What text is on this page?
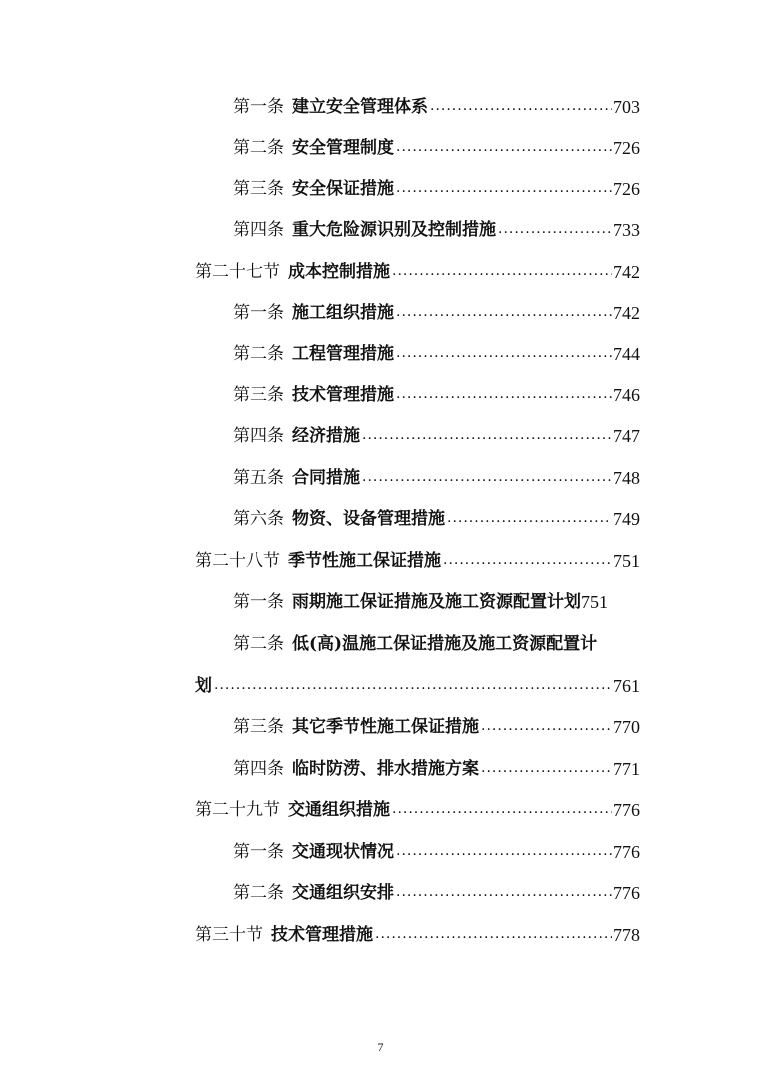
第一条 建立安全管理体系 .....	703
第二条 安全管理制度 .....	726
第三条 安全保证措施 .....	726
第四条 重大危险源识别及控制措施 .....	733
第二十七节 成本控制措施 .....	742
第一条 施工组织措施 .....	742
第二条 工程管理措施 .....	744
第三条 技术管理措施 .....	746
第四条 经济措施 .....	747
第五条 合同措施 .....	748
第六条 物资、设备管理措施 .....	749
第二十八节 季节性施工保证措施 .....	751
第一条 雨期施工保证措施及施工资源配置计划 751
第二条 低(高)温施工保证措施及施工资源配置计
划 .....	761
第三条 其它季节性施工保证措施 .....	770
第四条 临时防涝、排水措施方案 .....	771
第二十九节 交通组织措施 .....	776
第一条 交通现状情况 .....	776
第二条 交通组织安排 .....	776
第三十节 技术管理措施 .....	778
7
